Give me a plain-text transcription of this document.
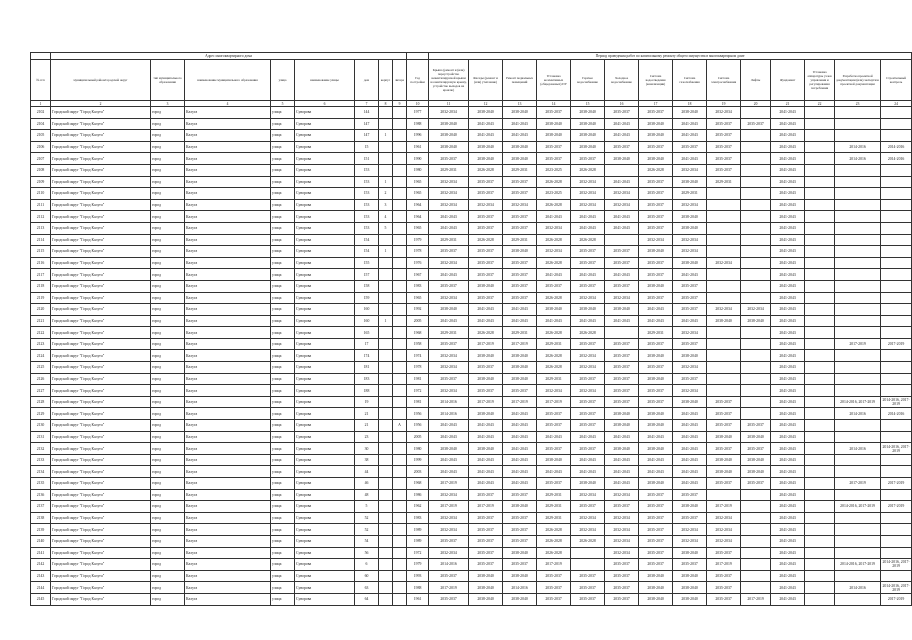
	Адрес многоквартирного дома									Период проведения работ по капитальному ремонту общего имущества в многоквартирном доме													
№ п/п	муниципальный район/городской округ	тип муниципального образования	наименование муниципального образования	улица	наименование улицы	дом	корпус	литера	Год постройки	Крыша (ремонт и (или) переустройство невентилируемой крыши на вентилируемую крышу, устройство выходов на кровлю)	Фасады (ремонт и (или) утепление)	Ремонт подвальных помещений	Установка коллективных (общедомовых) ПУ	Горячее водоснабжение	Холодное водоснабжение	Система водоотведения (канализации)	Система газоснабжения	Система электроснабжения	Лифты	Фундамент	Установка аппаратуры узлов управления и регулирования потребления	Разработка проектной документации (или) экспертиза проектной документации	Строительный контроль
1	2	3	4	5	6	7	8	9	10	11	12	13	14	15	16	17	18	19	20	21	22	23	24
2102	Городской округ "Город Калуга"	город	Калуга	улица	Суворова	144			1977	2032-2034	2038-2040	2038-2040	2035-2037	2038-2040	2035-2037	2035-2037	2038-2040	2032-2034		2041-2043			
2104	Городской округ "Город Калуга"	город	Калуга	улица	Суворова	147			1988	2038-2040	2041-2043	2041-2043	2038-2040	2038-2040	2041-2043	2038-2040	2041-2043	2035-2037	2035-2037	2041-2043			
2105	Городской округ "Город Калуга"	город	Калуга	улица	Суворова	147	1		1996	2038-2040	2041-2043	2041-2043	2038-2040	2038-2040	2041-2043	2038-2040	2041-2043	2035-2037		2041-2043			
2106	Городской округ "Город Калуга"	город	Калуга	улица	Суворова	15			1961	2038-2040	2038-2040	2038-2040	2035-2037	2038-2040	2035-2037	2035-2037	2035-2037	2035-2037		2041-2043		2014-2016	2014-2016
2107	Городской округ "Город Калуга"	город	Калуга	улица	Суворова	151			1990	2035-2037	2038-2040	2038-2040	2035-2037	2035-2037	2038-2040	2038-2040	2041-2043	2035-2037		2041-2043		2014-2016	2014-2016
2108	Городской округ "Город Калуга"	город	Калуга	улица	Суворова	153			1980	2029-2031	2026-2028	2029-2031	2023-2025	2026-2028		2026-2028	2032-2034	2035-2037		2041-2043			
2109	Городской округ "Город Калуга"	город	Калуга	улица	Суворова	153	1		1965	2032-2034	2035-2037	2035-2037	2026-2028	2032-2034	2041-2043	2035-2037	2038-2040	2029-2031		2041-2043			
2110	Городской округ "Город Калуга"	город	Калуга	улица	Суворова	153	2		1965	2032-2034	2035-2037	2035-2037	2023-2025	2032-2034	2032-2034	2035-2037	2029-2031			2041-2043			
2111	Городской округ "Город Калуга"	город	Калуга	улица	Суворова	153	3		1964	2032-2034	2032-2034	2032-2034	2026-2028	2032-2034	2032-2034	2035-2037	2032-2034			2041-2043			
2112	Городской округ "Город Калуга"	город	Калуга	улица	Суворова	153	4		1964	2041-2043	2035-2037	2035-2037	2041-2043	2041-2043	2041-2043	2035-2037	2038-2040			2041-2043			
2113	Городской округ "Город Калуга"	город	Калуга	улица	Суворова	153	5		1965	2041-2043	2035-2037	2035-2037	2032-2034	2041-2043	2041-2043	2035-2037	2038-2040			2041-2043			
2114	Городской округ "Город Калуга"	город	Калуга	улица	Суворова	154			1979	2029-2031	2026-2028	2029-2031	2026-2028	2026-2028		2032-2034	2032-2034			2041-2043			
2115	Городской округ "Город Калуга"	город	Калуга	улица	Суворова	154	1		1978	2035-2037	2035-2037	2038-2040	2032-2034	2035-2037	2035-2037	2038-2040	2032-2034			2041-2043			
2116	Городской округ "Город Калуга"	город	Калуга	улица	Суворова	155			1976	2032-2034	2035-2037	2035-2037	2026-2028	2035-2037	2035-2037	2035-2037	2038-2040	2032-2034		2041-2043			
2117	Городской округ "Город Калуга"	город	Калуга	улица	Суворова	157			1967	2041-2043	2035-2037	2035-2037	2041-2043	2041-2043	2041-2043	2035-2037	2041-2043			2041-2043			
2118	Городской округ "Город Калуга"	город	Калуга	улица	Суворова	158			1983	2035-2037	2038-2040	2035-2037	2035-2037	2035-2037	2035-2037	2038-2040	2035-2037			2041-2043			
2119	Городской округ "Город Калуга"	город	Калуга	улица	Суворова	159			1965	2032-2034	2035-2037	2035-2037	2026-2028	2032-2034	2032-2034	2035-2037	2035-2037			2041-2043			
2120	Городской округ "Город Калуга"	город	Калуга	улица	Суворова	160			1992	2038-2040	2041-2043	2041-2043	2038-2040	2038-2040	2038-2040	2041-2043	2035-2037	2032-2034	2032-2034	2041-2043			
2121	Городской округ "Город Калуга"	город	Калуга	улица	Суворова	160	1		2005	2041-2043	2041-2043	2041-2043	2041-2043	2041-2043	2041-2043	2041-2043	2041-2043	2038-2040	2038-2040	2041-2043			
2122	Городской округ "Город Калуга"	город	Калуга	улица	Суворова	165			1968	2029-2031	2026-2028	2029-2031	2026-2028	2026-2028		2029-2031	2032-2034			2041-2043			
2123	Городской округ "Город Калуга"	город	Калуга	улица	Суворова	17			1958	2035-2037	2017-2019	2017-2019	2029-2031	2035-2037	2035-2037	2035-2037	2035-2037			2041-2043		2017-2019	2017-2019
2124	Городской округ "Город Калуга"	город	Калуга	улица	Суворова	174			1974	2032-2034	2038-2040	2038-2040	2026-2028	2032-2034	2035-2037	2038-2040	2038-2040			2041-2043			
2125	Городской округ "Город Калуга"	город	Калуга	улица	Суворова	181			1978	2032-2034	2035-2037	2038-2040	2026-2028	2032-2034	2035-2037	2035-2037	2032-2034			2041-2043			
2126	Городской округ "Город Калуга"	город	Калуга	улица	Суворова	183			1981	2035-2037	2038-2040	2038-2040	2029-2031	2035-2037	2035-2037	2038-2040	2035-2037			2041-2043			
2127	Городской округ "Город Калуга"	город	Калуга	улица	Суворова	188			1972	2032-2034	2035-2037	2035-2037	2032-2034	2032-2034	2035-2037	2035-2037	2032-2034			2041-2043			
2128	Городской округ "Город Калуга"	город	Калуга	улица	Суворова	19			1981	2014-2016	2017-2019	2017-2019	2017-2019	2035-2037	2035-2037	2035-2037	2038-2040	2035-2037		2041-2043		2014-2016, 2017-2019	2014-2016, 2017-2019
2129	Городской округ "Город Калуга"	город	Калуга	улица	Суворова	21			1956	2014-2016	2038-2040	2041-2043	2035-2037	2035-2037	2038-2040	2038-2040	2041-2043	2035-2037		2041-2043		2014-2016	2014-2016
2130	Городской округ "Город Калуга"	город	Калуга	улица	Суворова	21		А	1956	2041-2043	2041-2043	2041-2043	2035-2037	2035-2037	2038-2040	2038-2040	2041-2043	2035-2037	2035-2037	2041-2043			
2131	Городской округ "Город Калуга"	город	Калуга	улица	Суворова	23			2005	2041-2043	2041-2043	2041-2043	2041-2043	2041-2043	2041-2043	2041-2043	2041-2043	2038-2040	2038-2040	2041-2043			
2132	Городской округ "Город Калуга"	город	Калуга	улица	Суворова	30			1980	2038-2040	2038-2040	2041-2043	2035-2037	2035-2037	2038-2040	2038-2040	2041-2043	2035-2037	2035-2037	2041-2043		2014-2016	2014-2016, 2017-2019
2133	Городской округ "Город Калуга"	город	Калуга	улица	Суворова	38			1999	2041-2043	2041-2043	2041-2043	2038-2040	2041-2043	2041-2043	2041-2043	2041-2043	2038-2040	2038-2040	2041-2043			
2134	Городской округ "Город Калуга"	город	Калуга	улица	Суворова	44			2003	2041-2043	2041-2043	2041-2043	2041-2043	2041-2043	2041-2043	2041-2043	2041-2043	2038-2040	2038-2040	2041-2043			
2135	Городской округ "Город Калуга"	город	Калуга	улица	Суворова	46			1968	2017-2019	2041-2043	2041-2043	2035-2037	2038-2040	2041-2043	2038-2040	2041-2043	2035-2037	2035-2037	2041-2043		2017-2019	2017-2019
2136	Городской округ "Город Калуга"	город	Калуга	улица	Суворова	48			1986	2032-2034	2035-2037	2035-2037	2029-2031	2032-2034	2032-2034	2035-2037	2035-2037			2041-2043			
2137	Городской округ "Город Калуга"	город	Калуга	улица	Суворова	5			1962	2017-2019	2017-2019	2038-2040	2029-2031	2035-2037	2035-2037	2035-2037	2038-2040	2017-2019		2041-2043		2014-2016, 2017-2019	2017-2019
2138	Городской округ "Город Калуга"	город	Калуга	улица	Суворова	52			1983	2032-2034	2035-2037	2035-2037	2029-2031	2032-2034	2032-2034	2035-2037	2035-2037	2032-2034		2041-2043			
2139	Городской округ "Город Калуга"	город	Калуга	улица	Суворова	52			1989	2032-2034	2035-2037	2035-2037	2026-2028	2032-2034	2032-2034	2035-2037	2032-2034	2032-2034		2041-2043			
2140	Городской округ "Город Калуга"	город	Калуга	улица	Суворова	54			1989	2035-2037	2035-2037	2035-2037	2026-2028	2026-2028	2032-2034	2035-2037	2032-2034	2032-2034		2041-2043			
2141	Городской округ "Город Калуга"	город	Калуга	улица	Суворова	56			1972	2032-2034	2035-2037	2038-2040	2026-2028		2032-2034	2035-2037	2038-2040	2035-2037		2041-2043			
2142	Городской округ "Город Калуга"	город	Калуга	улица	Суворова	6			1979	2014-2016	2035-2037	2035-2037	2017-2019		2035-2037	2035-2037	2035-2037	2017-2019		2041-2043		2014-2016, 2017-2019	2014-2016, 2017-2019
2143	Городской округ "Город Калуга"	город	Калуга	улица	Суворова	60			1993	2035-2037	2038-2040	2038-2040	2035-2037	2035-2037	2035-2037	2038-2040	2038-2040	2035-2037		2041-2043			
2144	Городской округ "Город Калуга"	город	Калуга	улица	Суворова	63			1988	2017-2019	2038-2040	2014-2016	2035-2037	2035-2037	2035-2037	2038-2040	2038-2040	2035-2037		2041-2043		2014-2016	2014-2016, 2017-2019
2145	Городской округ "Город Калуга"	город	Калуга	улица	Суворова	64			1961	2035-2037	2038-2040	2038-2040	2035-2037	2035-2037	2035-2037	2038-2040	2038-2040	2035-2037	2017-2019	2041-2043			2017-2019
